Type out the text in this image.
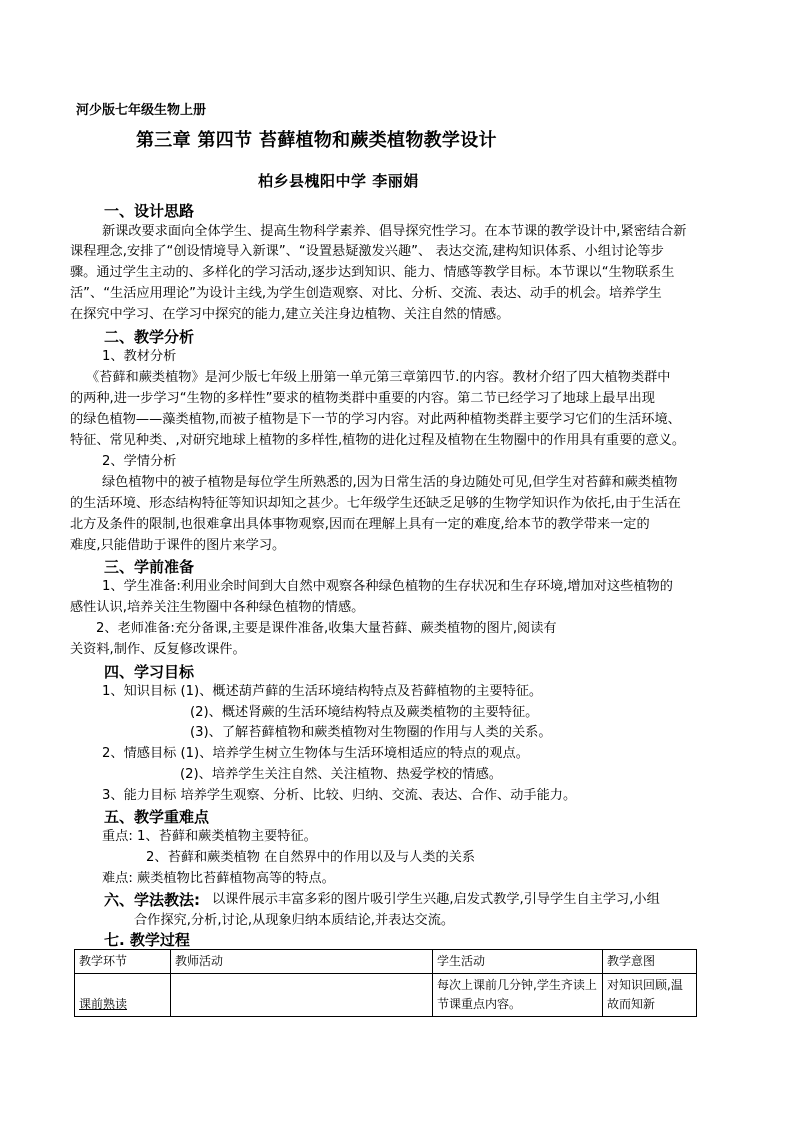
河少版七年级生物上册
第三章 第四节 苔藓植物和蕨类植物教学设计
柏乡县槐阳中学 李丽娟
一、设计思路
新课改要求面向全体学生、提高生物科学素养、倡导探究性学习。在本节课的教学设计中,紧密结合新
课程理念,安排了“创设情境导入新课”、“设置悬疑激发兴趣”、 表达交流,建构知识体系、小组讨论等步
骤。通过学生主动的、多样化的学习活动,逐步达到知识、能力、情感等教学目标。本节课以“生物联系生
活”、“生活应用理论”为设计主线,为学生创造观察、对比、分析、交流、表达、动手的机会。培养学生
在探究中学习、在学习中探究的能力,建立关注身边植物、关注自然的情感。
二、教学分析
1、教材分析
《苔藓和蕨类植物》是河少版七年级上册第一单元第三章第四节.的内容。教材介绍了四大植物类群中
的两种,进一步学习“生物的多样性”要求的植物类群中重要的内容。第二节已经学习了地球上最早出现
的绿色植物——藻类植物,而被子植物是下一节的学习内容。对此两种植物类群主要学习它们的生活环境、
特征、常见种类、,对研究地球上植物的多样性,植物的进化过程及植物在生物圈中的作用具有重要的意义。
2、学情分析
绿色植物中的被子植物是每位学生所熟悉的,因为日常生活的身边随处可见,但学生对苔藓和蕨类植物
的生活环境、形态结构特征等知识却知之甚少。七年级学生还缺乏足够的生物学知识作为依托,由于生活在
北方及条件的限制,也很难拿出具体事物观察,因而在理解上具有一定的难度,给本节的教学带来一定的
难度,只能借助于课件的图片来学习。
三、学前准备
1、学生准备:利用业余时间到大自然中观察各种绿色植物的生存状况和生存环境,增加对这些植物的
感性认识,培养关注生物圈中各种绿色植物的情感。
2、老师准备:充分备课,主要是课件准备,收集大量苔藓、蕨类植物的图片,阅读有
关资料,制作、反复修改课件。
四、学习目标
1、知识目标 (1)、概述葫芦藓的生活环境结构特点及苔藓植物的主要特征。
(2)、概述肾蕨的生活环境结构特点及蕨类植物的主要特征。
(3)、了解苔藓植物和蕨类植物对生物圈的作用与人类的关系。
2、情感目标 (1)、培养学生树立生物体与生活环境相适应的特点的观点。
(2)、培养学生关注自然、关注植物、热爱学校的情感。
3、能力目标 培养学生观察、分析、比较、归纳、交流、表达、合作、动手能力。
五、教学重难点
重点: 1、苔藓和蕨类植物主要特征。
2、苔藓和蕨类植物 在自然界中的作用以及与人类的关系
难点: 蕨类植物比苔藓植物高等的特点。
六、学法教法: 以课件展示丰富多彩的图片吸引学生兴趣,启发式教学,引导学生自主学习,小组
合作探究,分析,讨论,从现象归纳本质结论,并表达交流。
七. 教学过程
教学环节	教师活动	学生活动	教学意图
课前熟读		每次上课前几分钟,学生齐读上节课重点内容。	对知识回顾,温故而知新
